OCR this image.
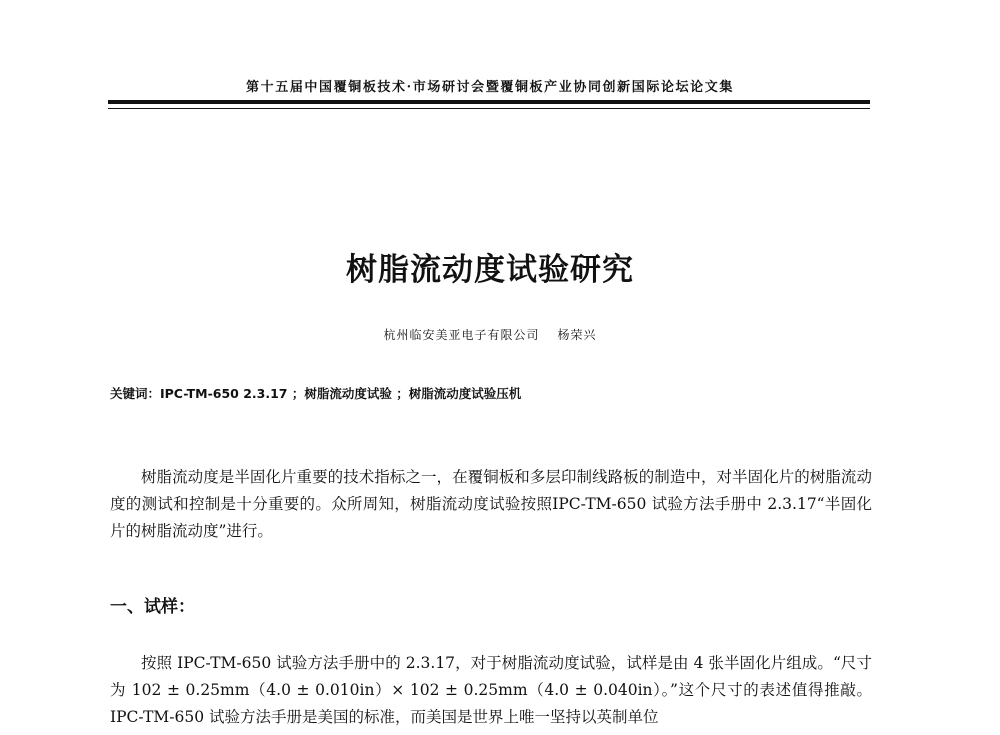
第十五届中国覆铜板技术·市场研讨会暨覆铜板产业协同创新国际论坛论文集
树脂流动度试验研究
杭州临安美亚电子有限公司 杨荣兴
关键词：IPC-TM-650 2.3.17 ；树脂流动度试验 ；树脂流动度试验压机

树脂流动度是半固化片重要的技术指标之一，在覆铜板和多层印制线路板的制造中，对半固化片的树脂流动度的测试和控制是十分重要的。众所周知，树脂流动度试验按照IPC-TM-650 试验方法手册中 2.3.17“半固化片的树脂流动度”进行。

一、试样：

按照 IPC-TM-650 试验方法手册中的 2.3.17，对于树脂流动度试验，试样是由 4 张半固化片组成。“尺寸为 102 ± 0.25mm（4.0 ± 0.010in）× 102 ± 0.25mm（4.0 ± 0.040in）。”这个尺寸的表述值得推敲。IPC-TM-650 试验方法手册是美国的标准，而美国是世界上唯一坚持以英制单位
